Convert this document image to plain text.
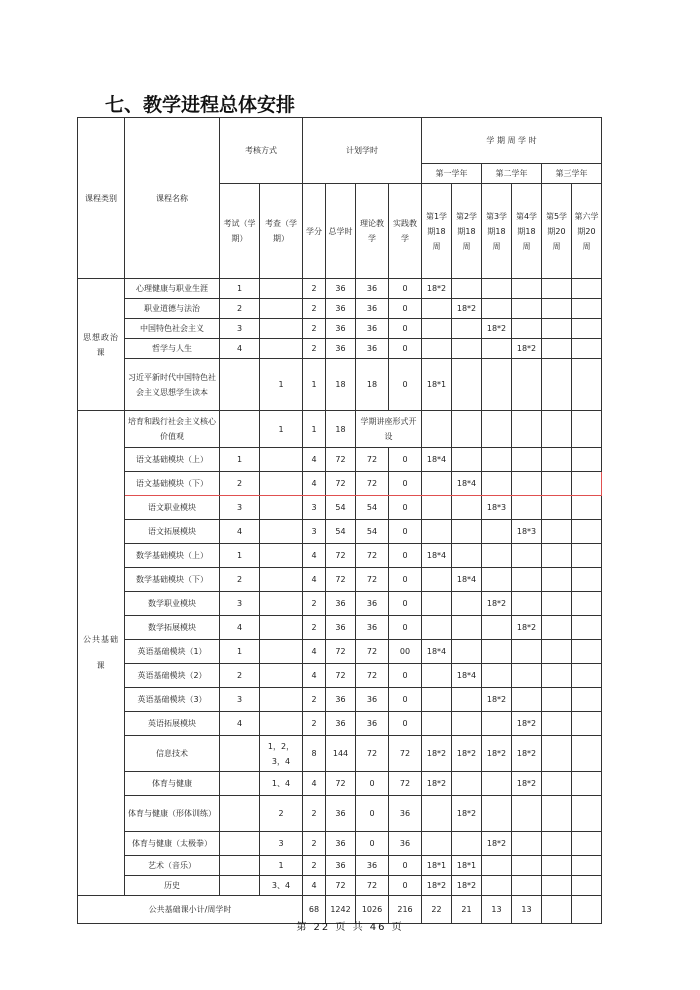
七、教学进程总体安排
课程类别	课程名称	考核方式		计划学时				学 期 周 学 时					
								第一学年		第二学年		第三学年	
		考试（学期）	考查（学期）	学分	总学时	理论教学	实践教学	第1学期18周	第2学期18周	第3学期18周	第4学期18周	第5学期20周	第六学期20周
思想政治课	心理健康与职业生涯	1		2	36	36	0	18*2					
	职业道德与法治	2		2	36	36	0		18*2				
	中国特色社会主义	3		2	36	36	0			18*2			
	哲学与人生	4		2	36	36	0				18*2		
	习近平新时代中国特色社会主义思想学生读本		1	1	18	18	0	18*1					
公共基础课	培育和践行社会主义核心价值观		1	1	18	学期讲座形式开设							
	语文基础模块（上）	1		4	72	72	0	18*4					
	语文基础模块（下）	2		4	72	72	0		18*4				
	语文职业模块	3		3	54	54	0			18*3			
	语文拓展模块	4		3	54	54	0				18*3		
	数学基础模块（上）	1		4	72	72	0	18*4					
	数学基础模块（下）	2		4	72	72	0		18*4				
	数学职业模块	3		2	36	36	0			18*2			
	数学拓展模块	4		2	36	36	0				18*2		
	英语基础模块（1）	1		4	72	72	00	18*4					
	英语基础模块（2）	2		4	72	72	0		18*4				
	英语基础模块（3）	3		2	36	36	0			18*2			
	英语拓展模块	4		2	36	36	0				18*2		
	信息技术		1，2，3，4	8	144	72	72	18*2	18*2	18*2	18*2		
	体育与健康		1、4	4	72	0	72	18*2			18*2		
	体育与健康（形体训练）		2	2	36	0	36		18*2				
	体育与健康（太极拳）		3	2	36	0	36			18*2			
	艺术（音乐）		1	2	36	36	0	18*1	18*1				
	历史		3、4	4	72	72	0	18*2	18*2				
公共基础课小计/周学时				68	1242	1026	216	22	21	13	13		
第 22 页 共 46 页
